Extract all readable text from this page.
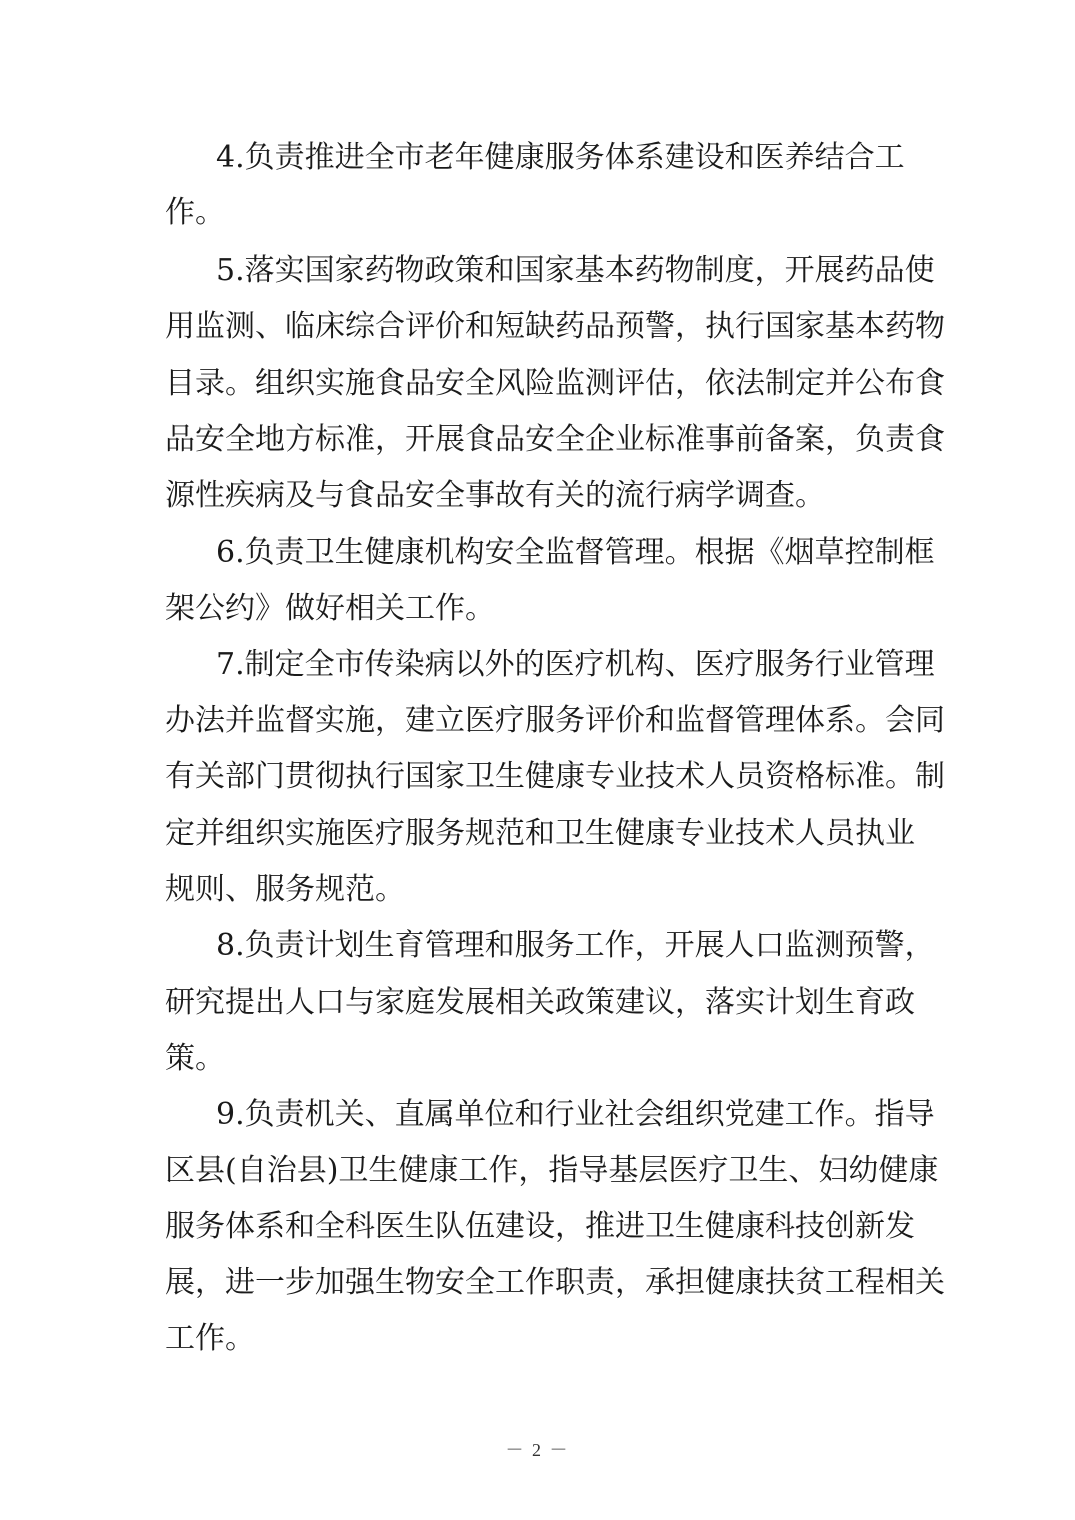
4.负责推进全市老年健康服务体系建设和医养结合工
作。
5.落实国家药物政策和国家基本药物制度，开展药品使
用监测、临床综合评价和短缺药品预警，执行国家基本药物
目录。组织实施食品安全风险监测评估，依法制定并公布食
品安全地方标准，开展食品安全企业标准事前备案，负责食
源性疾病及与食品安全事故有关的流行病学调查。
6.负责卫生健康机构安全监督管理。根据《烟草控制框
架公约》做好相关工作。
7.制定全市传染病以外的医疗机构、医疗服务行业管理
办法并监督实施，建立医疗服务评价和监督管理体系。会同
有关部门贯彻执行国家卫生健康专业技术人员资格标准。制
定并组织实施医疗服务规范和卫生健康专业技术人员执业
规则、服务规范。
8.负责计划生育管理和服务工作，开展人口监测预警，
研究提出人口与家庭发展相关政策建议，落实计划生育政
策。
9.负责机关、直属单位和行业社会组织党建工作。指导
区县(自治县)卫生健康工作，指导基层医疗卫生、妇幼健康
服务体系和全科医生队伍建设，推进卫生健康科技创新发
展，进一步加强生物安全工作职责，承担健康扶贫工程相关
工作。
－ 2 －
